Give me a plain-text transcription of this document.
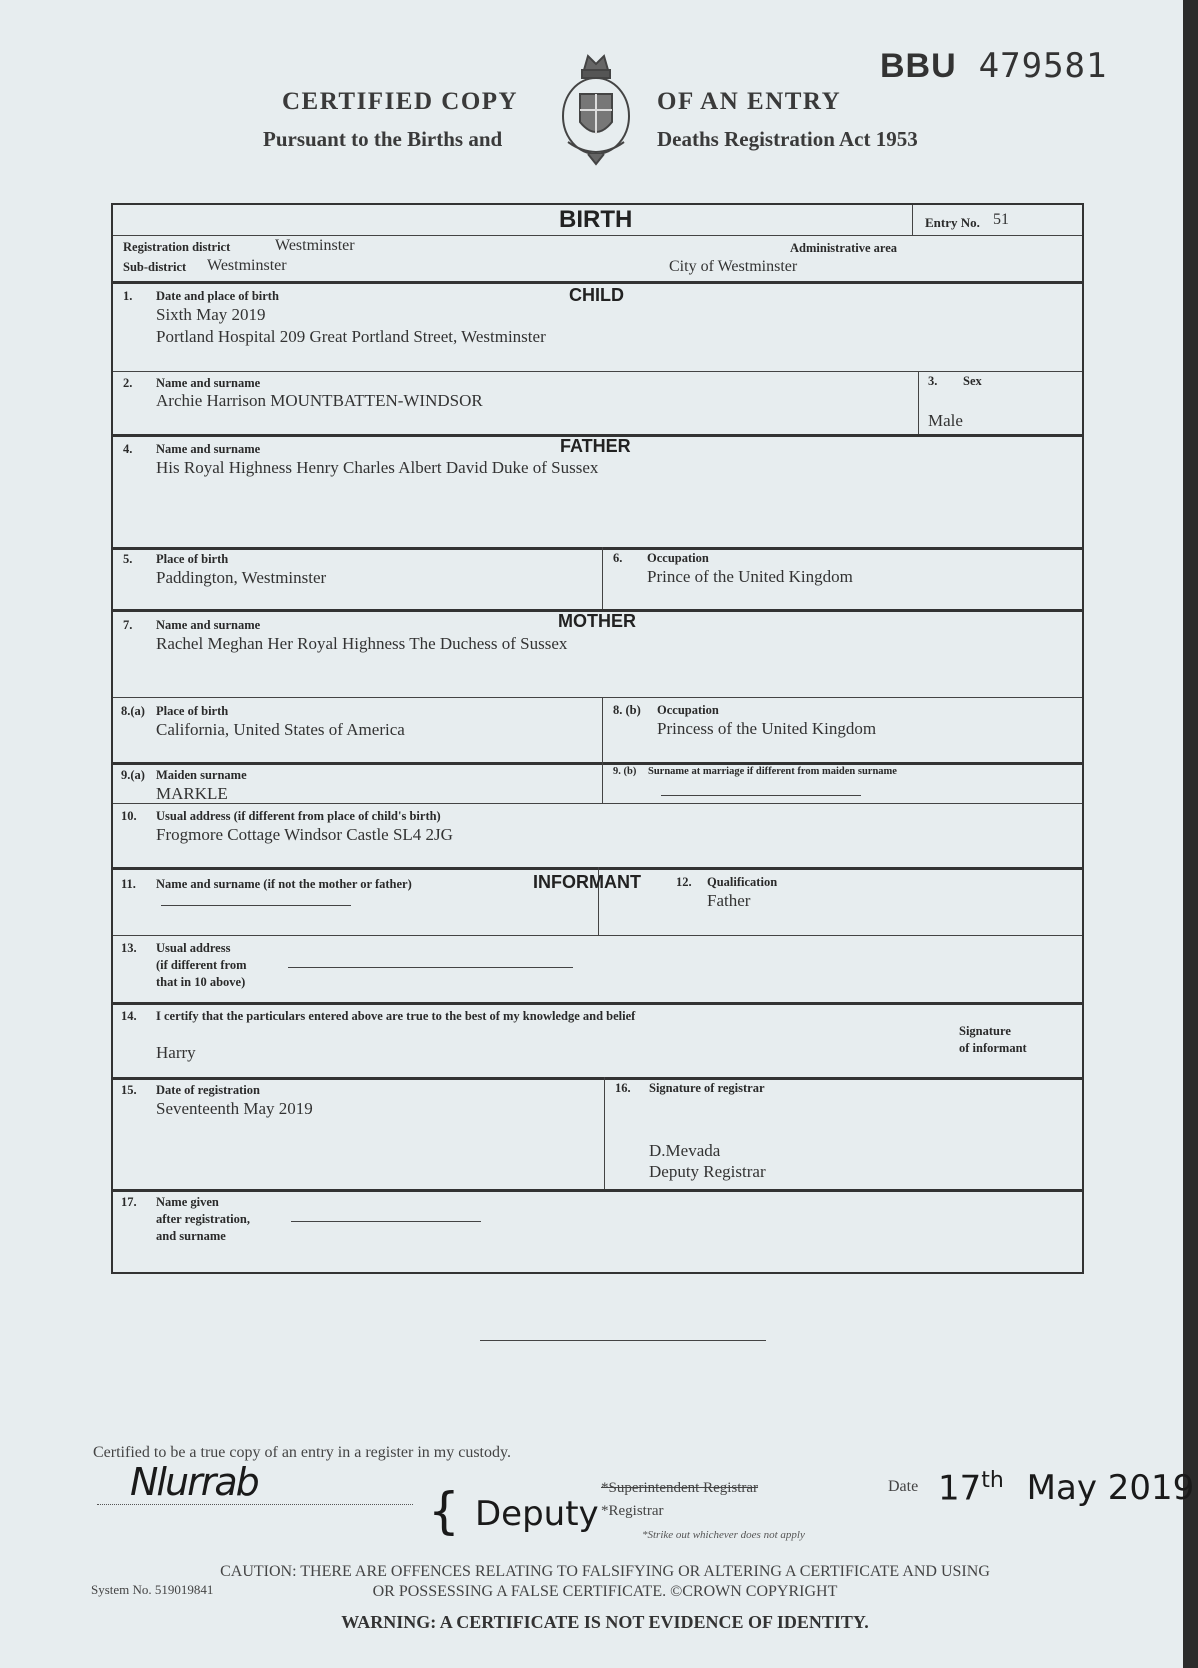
BBU 479581
CERTIFIED COPY
Pursuant to the Births and
OF AN ENTRY
Deaths Registration Act 1953
BIRTH	Entry No. 51
Registration district	Westminster	Administrative area
Sub-district Westminster	City of Westminster
CHILD
1. Date and place of birth
Sixth May 2019
Portland Hospital 209 Great Portland Street, Westminster
2. Name and surname
Archie Harrison MOUNTBATTEN-WINDSOR
3. Sex
Male
FATHER
4. Name and surname
His Royal Highness Henry Charles Albert David Duke of Sussex
5. Place of birth
Paddington, Westminster
6. Occupation
Prince of the United Kingdom
MOTHER
7. Name and surname
Rachel Meghan Her Royal Highness The Duchess of Sussex
8.(a) Place of birth
California, United States of America
8. (b) Occupation
Princess of the United Kingdom
9.(a) Maiden surname
MARKLE
9. (b) Surname at marriage if different from maiden surname
10. Usual address (if different from place of child's birth)
Frogmore Cottage Windsor Castle SL4 2JG
INFORMANT
11. Name and surname (if not the mother or father)	12. Qualification
Father
13. Usual address
(if different from
that in 10 above)
14. I certify that the particulars entered above are true to the best of my knowledge and belief
Harry
Signature
of informant
15. Date of registration
Seventeenth May 2019
16. Signature of registrar
D.Mevada
Deputy Registrar
17. Name given
after registration,
and surname
Certified to be a true copy of an entry in a register in my custody.
Nlurrab	{ Deputy
*Superintendent Registrar
*Registrar
*Strike out whichever does not apply
Date 17th May 2019
System No. 519019841
CAUTION: THERE ARE OFFENCES RELATING TO FALSIFYING OR ALTERING A CERTIFICATE AND USING
OR POSSESSING A FALSE CERTIFICATE. ©CROWN COPYRIGHT
WARNING: A CERTIFICATE IS NOT EVIDENCE OF IDENTITY.
